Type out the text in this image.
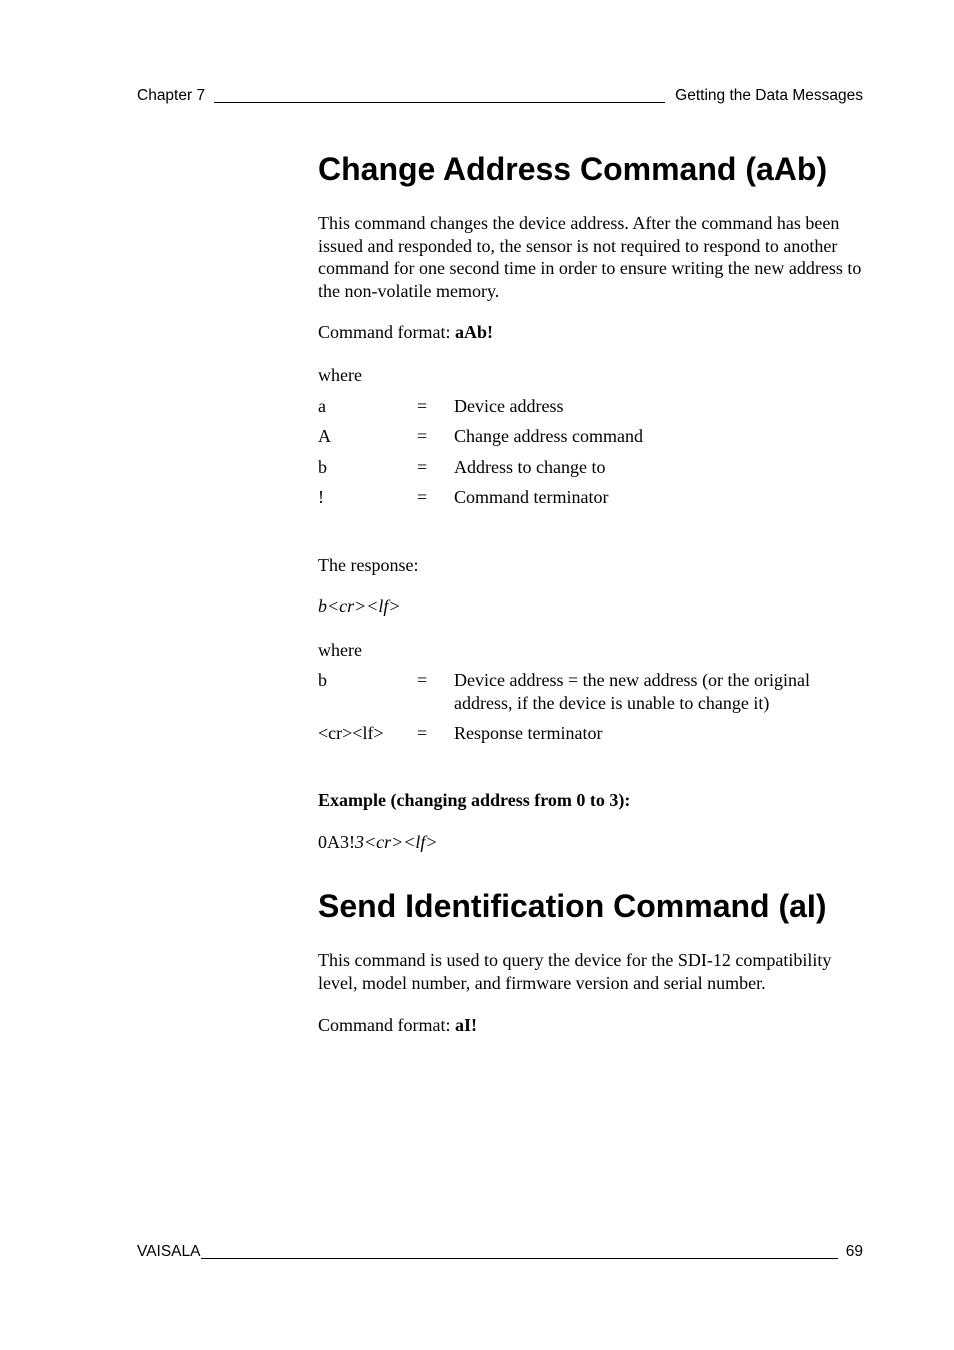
Chapter 7	Getting the Data Messages
Change Address Command (aAb)

This command changes the device address. After the command has been issued and responded to, the sensor is not required to respond to another command for one second time in order to ensure writing the new address to the non-volatile memory.

Command format: aAb!

where

a	= Device address
A	= Change address command
b	= Address to change to
!	= Command terminator

The response:

b<cr><lf>

where

b	= Device address = the new address (or the original address, if the device is unable to change it)
<cr><lf>	= Response terminator

Example (changing address from 0 to 3):

0A3!3<cr><lf>

Send Identification Command (aI)

This command is used to query the device for the SDI-12 compatibility level, model number, and firmware version and serial number.

Command format: aI!

VAISALA	69
